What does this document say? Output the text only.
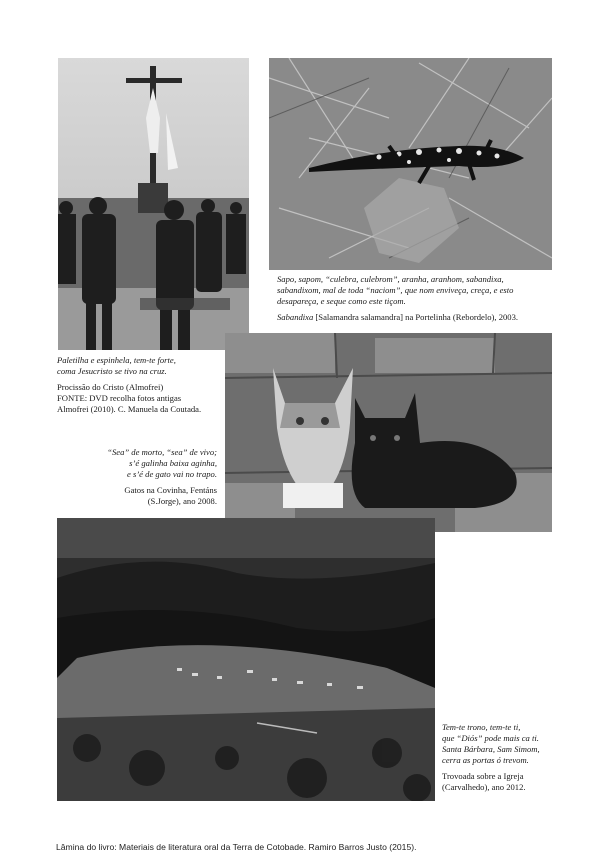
Sapo, sapom, “culebra, culebrom”, aranha, aranhom, sabandixa,

sabandixom, mal de toda “naciom”, que nom enviveça, creça, e esto

desapareça, e seque como este tiçom.

Sabandixa [Salamandra salamandra] na Portelinha (Rebordelo), 2003.

Paletilha e espinhela, tem-te forte,

coma Jesucristo se tivo na cruz.

Procissão do Cristo (Almofrei)

FONTE: DVD recolha fotos antigas

Almofrei (2010). C. Manuela da Coutada.

“Sea” de morto, “sea” de vivo;

s’é galinha baixa aginha,

e s’é de gato vai no trapo.

Gatos na Covinha, Fentáns

(S.Jorge), ano 2008.

Tem-te trono, tem-te ti,

que “Diós” pode mais ca ti.

Santa Bárbara, Sam Simom,

cerra as portas ó trevom.

Trovoada sobre a Igreja

(Carvalhedo), ano 2012.

Lâmina do livro: Materiais de literatura oral da Terra de Cotobade. Ramiro Barros Justo (2015).
